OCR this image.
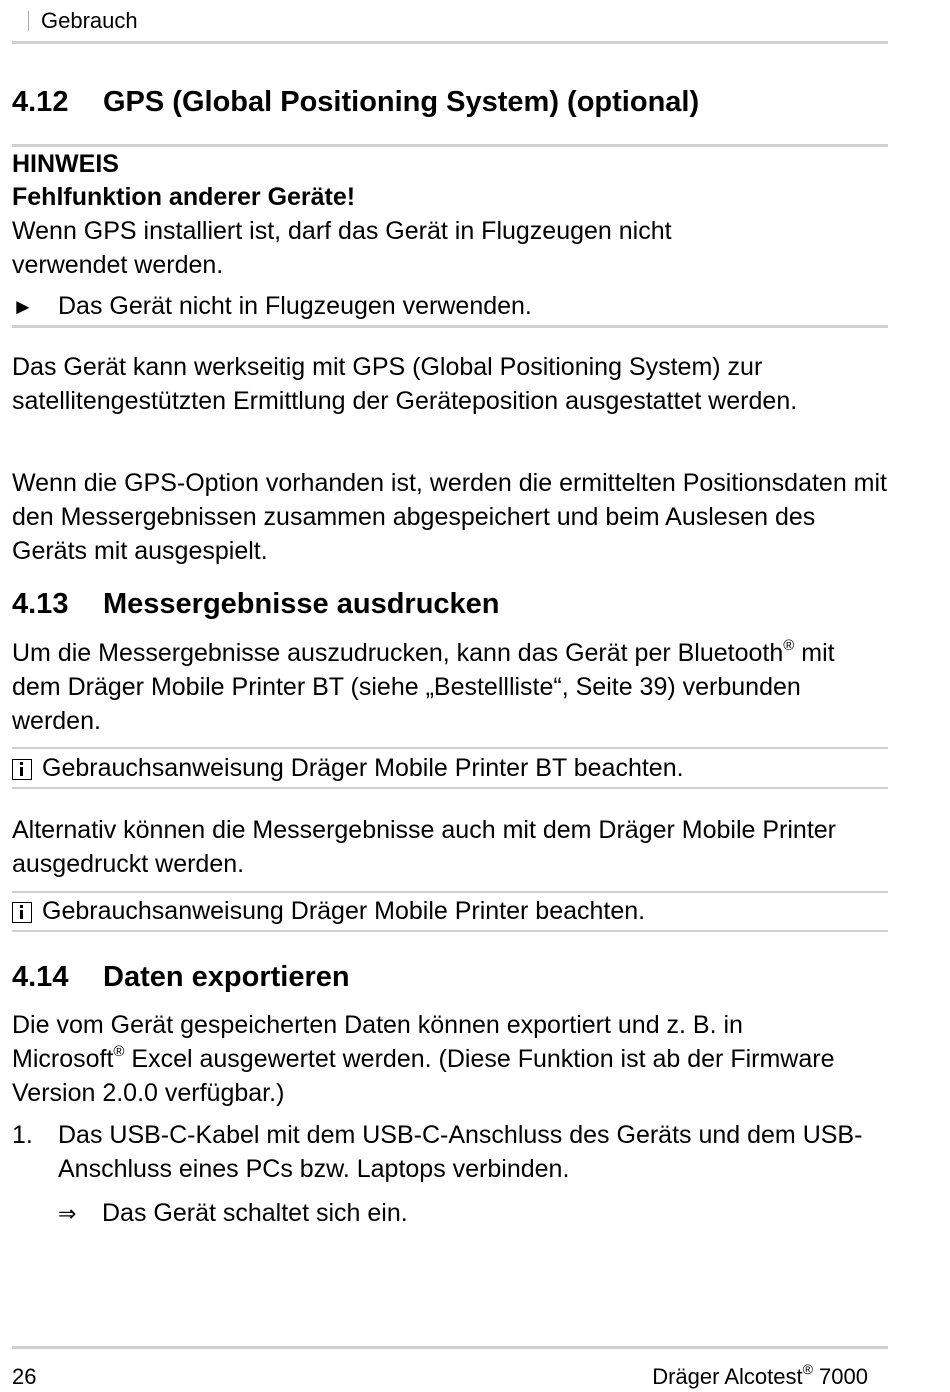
Gebrauch
4.12 GPS (Global Positioning System) (optional)
HINWEIS
Fehlfunktion anderer Geräte!
Wenn GPS installiert ist, darf das Gerät in Flugzeugen nicht verwendet werden.
► Das Gerät nicht in Flugzeugen verwenden.
Das Gerät kann werkseitig mit GPS (Global Positioning System) zur satellitengestützten Ermittlung der Geräteposition ausgestattet werden.
Wenn die GPS-Option vorhanden ist, werden die ermittelten Positionsdaten mit den Messergebnissen zusammen abgespeichert und beim Auslesen des Geräts mit ausgespielt.
4.13 Messergebnisse ausdrucken
Um die Messergebnisse auszudrucken, kann das Gerät per Bluetooth® mit dem Dräger Mobile Printer BT (siehe „Bestellliste“, Seite 39) verbunden werden.
Gebrauchsanweisung Dräger Mobile Printer BT beachten.
Alternativ können die Messergebnisse auch mit dem Dräger Mobile Printer ausgedruckt werden.
Gebrauchsanweisung Dräger Mobile Printer beachten.
4.14 Daten exportieren
Die vom Gerät gespeicherten Daten können exportiert und z. B. in Microsoft® Excel ausgewertet werden. (Diese Funktion ist ab der Firmware Version 2.0.0 verfügbar.)
1. Das USB-C-Kabel mit dem USB-C-Anschluss des Geräts und dem USB-Anschluss eines PCs bzw. Laptops verbinden.
⇒ Das Gerät schaltet sich ein.
26	Dräger Alcotest® 7000
